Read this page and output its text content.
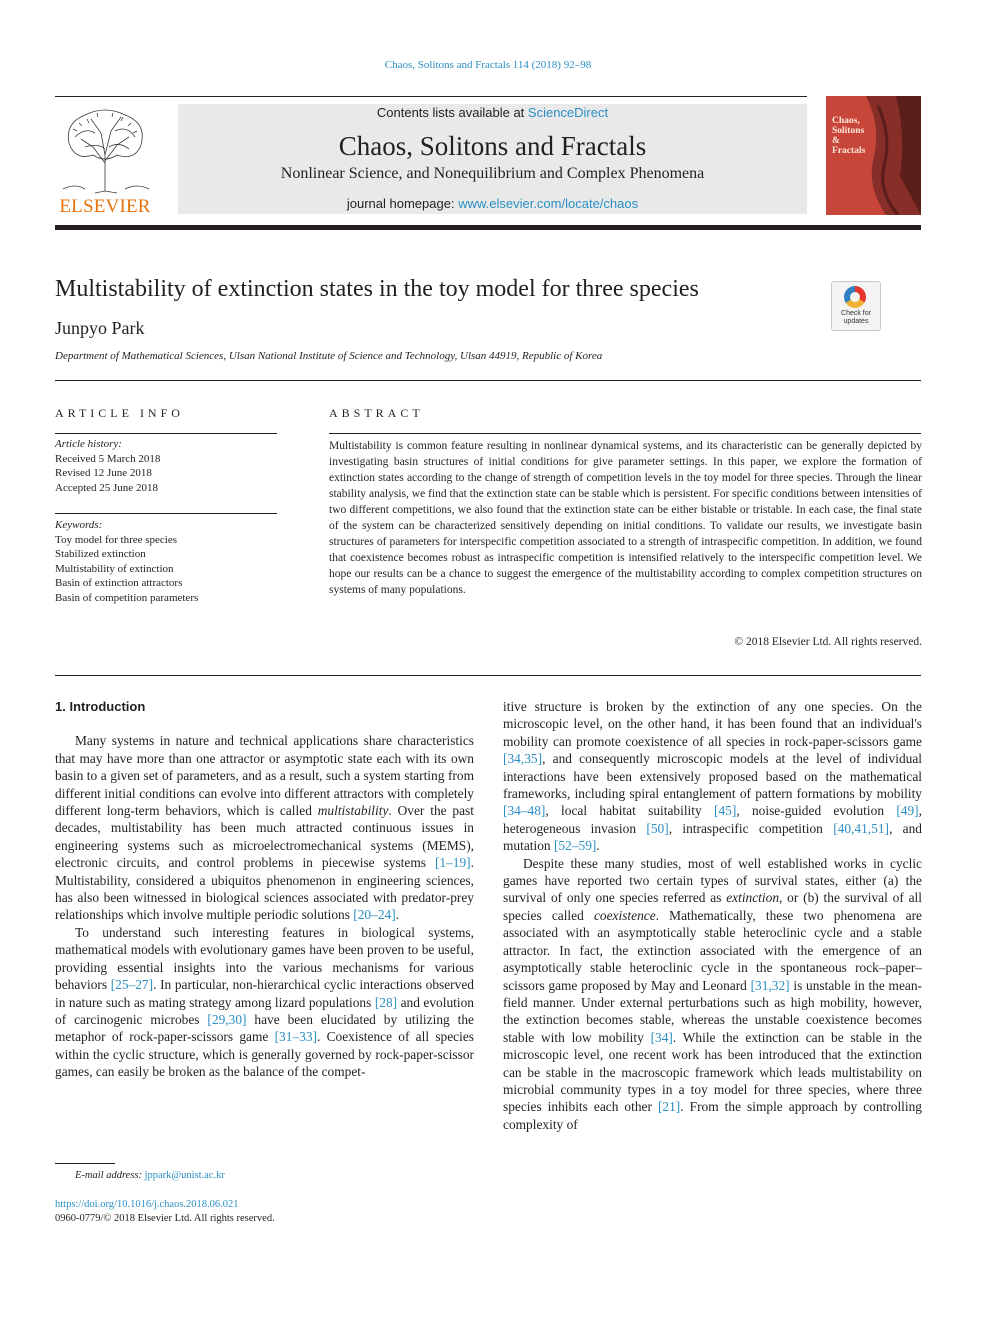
Chaos, Solitons and Fractals 114 (2018) 92–98
ELSEVIER
Contents lists available at ScienceDirect
Chaos, Solitons and Fractals
Nonlinear Science, and Nonequilibrium and Complex Phenomena
journal homepage: www.elsevier.com/locate/chaos
Chaos, Solitons & Fractals
Multistability of extinction states in the toy model for three species
Check for updates
Junpyo Park
Department of Mathematical Sciences, Ulsan National Institute of Science and Technology, Ulsan 44919, Republic of Korea
ARTICLE INFO
Article history:
Received 5 March 2018
Revised 12 June 2018
Accepted 25 June 2018
Keywords:
Toy model for three species
Stabilized extinction
Multistability of extinction
Basin of extinction attractors
Basin of competition parameters
ABSTRACT
Multistability is common feature resulting in nonlinear dynamical systems, and its characteristic can be generally depicted by investigating basin structures of initial conditions for give parameter settings. In this paper, we explore the formation of extinction states according to the change of strength of competition levels in the toy model for three species. Through the linear stability analysis, we find that the extinction state can be stable which is persistent. For specific conditions between intensities of two different competitions, we also found that the extinction state can be either bistable or tristable. In each case, the final state of the system can be characterized sensitively depending on initial conditions. To validate our results, we investigate basin structures of parameters for interspecific competition associated to a strength of intraspecific competition. In addition, we found that coexistence becomes robust as intraspecific competition is intensified relatively to the interspecific competition level. We hope our results can be a chance to suggest the emergence of the multistability according to complex competition structures on systems of many populations.
© 2018 Elsevier Ltd. All rights reserved.
1. Introduction

Many systems in nature and technical applications share characteristics that may have more than one attractor or asymptotic state each with its own basin to a given set of parameters, and as a result, such a system starting from different initial conditions can evolve into different attractors with completely different long-term behaviors, which is called multistability. Over the past decades, multistability has been much attracted continuous issues in engineering systems such as microelectromechanical systems (MEMS), electronic circuits, and control problems in piecewise systems [1–19]. Multistability, considered a ubiquitos phenomenon in engineering sciences, has also been witnessed in biological sciences associated with predator-prey relationships which involve multiple periodic solutions [20–24].

To understand such interesting features in biological systems, mathematical models with evolutionary games have been proven to be useful, providing essential insights into the various mechanisms for various behaviors [25–27]. In particular, non-hierarchical cyclic interactions observed in nature such as mating strategy among lizard populations [28] and evolution of carcinogenic microbes [29,30] have been elucidated by utilizing the metaphor of rock-paper-scissors game [31–33]. Coexistence of all species within the cyclic structure, which is generally governed by rock-paper-scissor games, can easily be broken as the balance of the compet-

itive structure is broken by the extinction of any one species. On the microscopic level, on the other hand, it has been found that an individual's mobility can promote coexistence of all species in rock-paper-scissors game [34,35], and consequently microscopic models at the level of individual interactions have been extensively proposed based on the mathematical frameworks, including spiral entanglement of pattern formations by mobility [34–48], local habitat suitability [45], noise-guided evolution [49], heterogeneous invasion [50], intraspecific competition [40,41,51], and mutation [52–59].

Despite these many studies, most of well established works in cyclic games have reported two certain types of survival states, either (a) the survival of only one species referred as extinction, or (b) the survival of all species called coexistence. Mathematically, these two phenomena are associated with an asymptotically stable heteroclinic cycle and a stable attractor. In fact, the extinction associated with the emergence of an asymptotically stable heteroclinic cycle in the spontaneous rock–paper–scissors game proposed by May and Leonard [31,32] is unstable in the mean-field manner. Under external perturbations such as high mobility, however, the extinction becomes stable, whereas the unstable coexistence becomes stable with low mobility [34]. While the extinction can be stable in the microscopic level, one recent work has been introduced that the extinction can be stable in the macroscopic framework which leads multistability on microbial community types in a toy model for three species, where three species inhibits each other [21]. From the simple approach by controlling complexity of

E-mail address: jppark@unist.ac.kr
https://doi.org/10.1016/j.chaos.2018.06.021
0960-0779/© 2018 Elsevier Ltd. All rights reserved.
